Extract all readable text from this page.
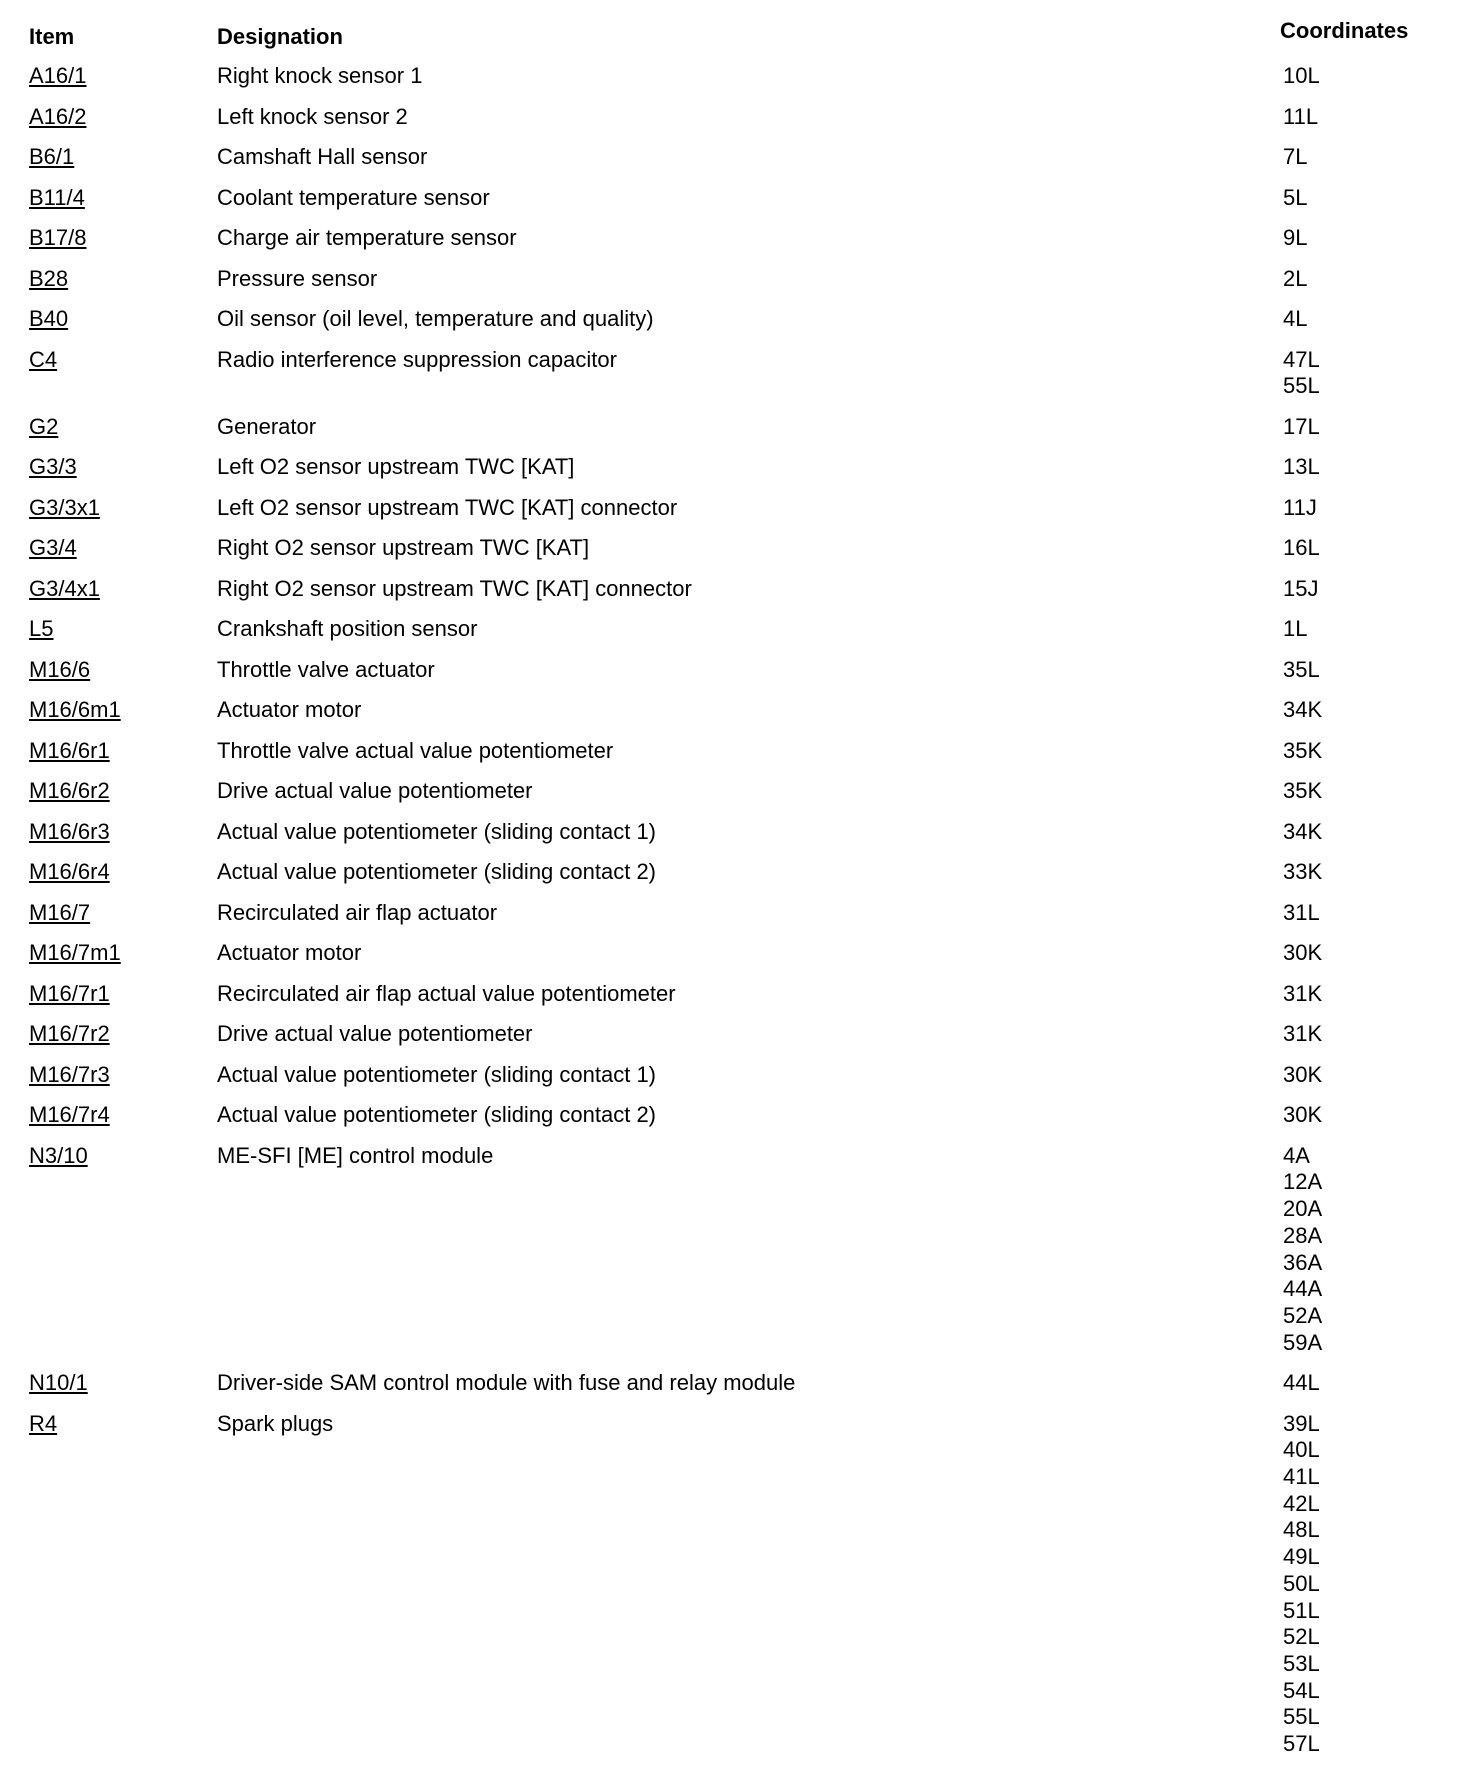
Item	Designation	Coordinates
A16/1	Right knock sensor 1	10L
A16/2	Left knock sensor 2	11L
B6/1	Camshaft Hall sensor	7L
B11/4	Coolant temperature sensor	5L
B17/8	Charge air temperature sensor	9L
B28	Pressure sensor	2L
B40	Oil sensor (oil level, temperature and quality)	4L
C4	Radio interference suppression capacitor	47L
55L
G2	Generator	17L
G3/3	Left O2 sensor upstream TWC [KAT]	13L
G3/3x1	Left O2 sensor upstream TWC [KAT] connector	11J
G3/4	Right O2 sensor upstream TWC [KAT]	16L
G3/4x1	Right O2 sensor upstream TWC [KAT] connector	15J
L5	Crankshaft position sensor	1L
M16/6	Throttle valve actuator	35L
M16/6m1	Actuator motor	34K
M16/6r1	Throttle valve actual value potentiometer	35K
M16/6r2	Drive actual value potentiometer	35K
M16/6r3	Actual value potentiometer (sliding contact 1)	34K
M16/6r4	Actual value potentiometer (sliding contact 2)	33K
M16/7	Recirculated air flap actuator	31L
M16/7m1	Actuator motor	30K
M16/7r1	Recirculated air flap actual value potentiometer	31K
M16/7r2	Drive actual value potentiometer	31K
M16/7r3	Actual value potentiometer (sliding contact 1)	30K
M16/7r4	Actual value potentiometer (sliding contact 2)	30K
N3/10	ME-SFI [ME] control module	4A
12A
20A
28A
36A
44A
52A
59A
N10/1	Driver-side SAM control module with fuse and relay module	44L
R4	Spark plugs	39L
40L
41L
42L
48L
49L
50L
51L
52L
53L
54L
55L
57L
